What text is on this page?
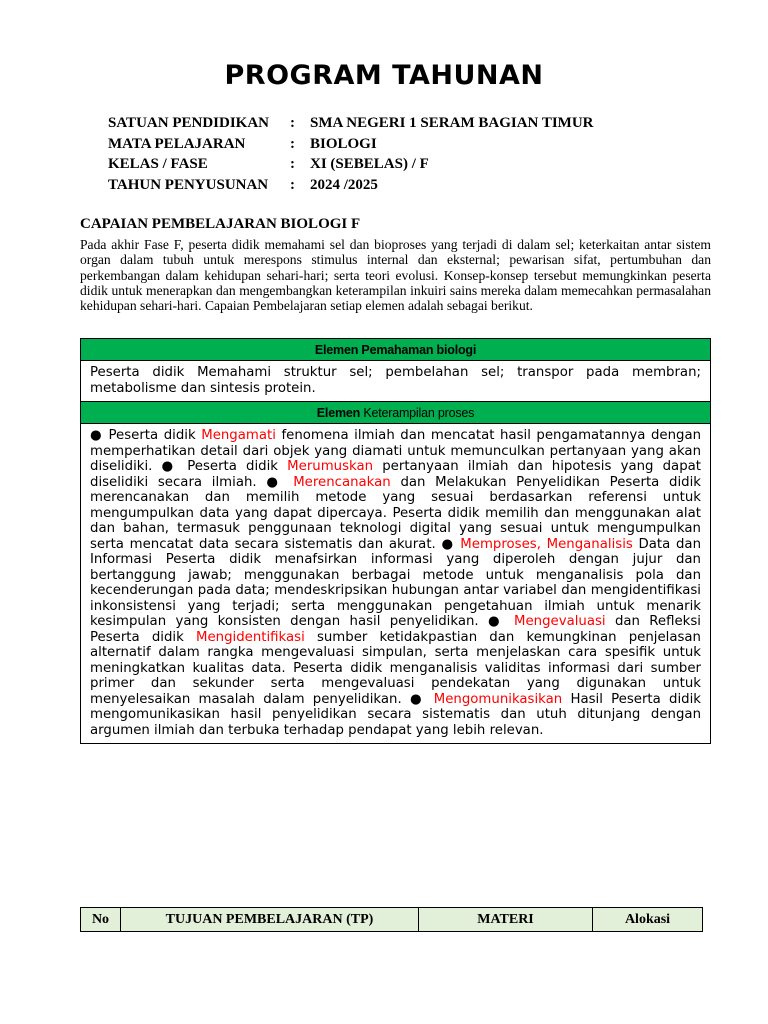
PROGRAM TAHUNAN
SATUAN PENDIDIKAN : SMA NEGERI 1 SERAM BAGIAN TIMUR
MATA PELAJARAN	: BIOLOGI
KELAS / FASE	: XI (SEBELAS) / F
TAHUN PENYUSUNAN : 2024 /2025
CAPAIAN PEMBELAJARAN BIOLOGI F

Pada akhir Fase F, peserta didik memahami sel dan bioproses yang terjadi di dalam sel; keterkaitan antar sistem organ dalam tubuh untuk merespons stimulus internal dan eksternal; pewarisan sifat, pertumbuhan dan perkembangan dalam kehidupan sehari-hari; serta teori evolusi. Konsep-konsep tersebut memungkinkan peserta didik untuk menerapkan dan mengembangkan keterampilan inkuiri sains mereka dalam memecahkan permasalahan kehidupan sehari-hari. Capaian Pembelajaran setiap elemen adalah sebagai berikut.

Elemen Pemahaman biologi
Peserta didik Memahami struktur sel; pembelahan sel; transpor pada membran; metabolisme dan sintesis protein.
Elemen Keterampilan proses
● Peserta didik Mengamati fenomena ilmiah dan mencatat hasil pengamatannya dengan memperhatikan detail dari objek yang diamati untuk memunculkan pertanyaan yang akan diselidiki. ● Peserta didik Merumuskan pertanyaan ilmiah dan hipotesis yang dapat diselidiki secara ilmiah. ● Merencanakan dan Melakukan Penyelidikan Peserta didik merencanakan dan memilih metode yang sesuai berdasarkan referensi untuk mengumpulkan data yang dapat dipercaya. Peserta didik memilih dan menggunakan alat dan bahan, termasuk penggunaan teknologi digital yang sesuai untuk mengumpulkan serta mencatat data secara sistematis dan akurat. ● Memproses, Menganalisis Data dan Informasi Peserta didik menafsirkan informasi yang diperoleh dengan jujur dan bertanggung jawab; menggunakan berbagai metode untuk menganalisis pola dan kecenderungan pada data; mendeskripsikan hubungan antar variabel dan mengidentifikasi inkonsistensi yang terjadi; serta menggunakan pengetahuan ilmiah untuk menarik kesimpulan yang konsisten dengan hasil penyelidikan. ● Mengevaluasi dan Refleksi Peserta didik Mengidentifikasi sumber ketidakpastian dan kemungkinan penjelasan alternatif dalam rangka mengevaluasi simpulan, serta menjelaskan cara spesifik untuk meningkatkan kualitas data. Peserta didik menganalisis validitas informasi dari sumber primer dan sekunder serta mengevaluasi pendekatan yang digunakan untuk menyelesaikan masalah dalam penyelidikan. ● Mengomunikasikan Hasil Peserta didik mengomunikasikan hasil penyelidikan secara sistematis dan utuh ditunjang dengan argumen ilmiah dan terbuka terhadap pendapat yang lebih relevan.
No	TUJUAN PEMBELAJARAN (TP)	MATERI	Alokasi
